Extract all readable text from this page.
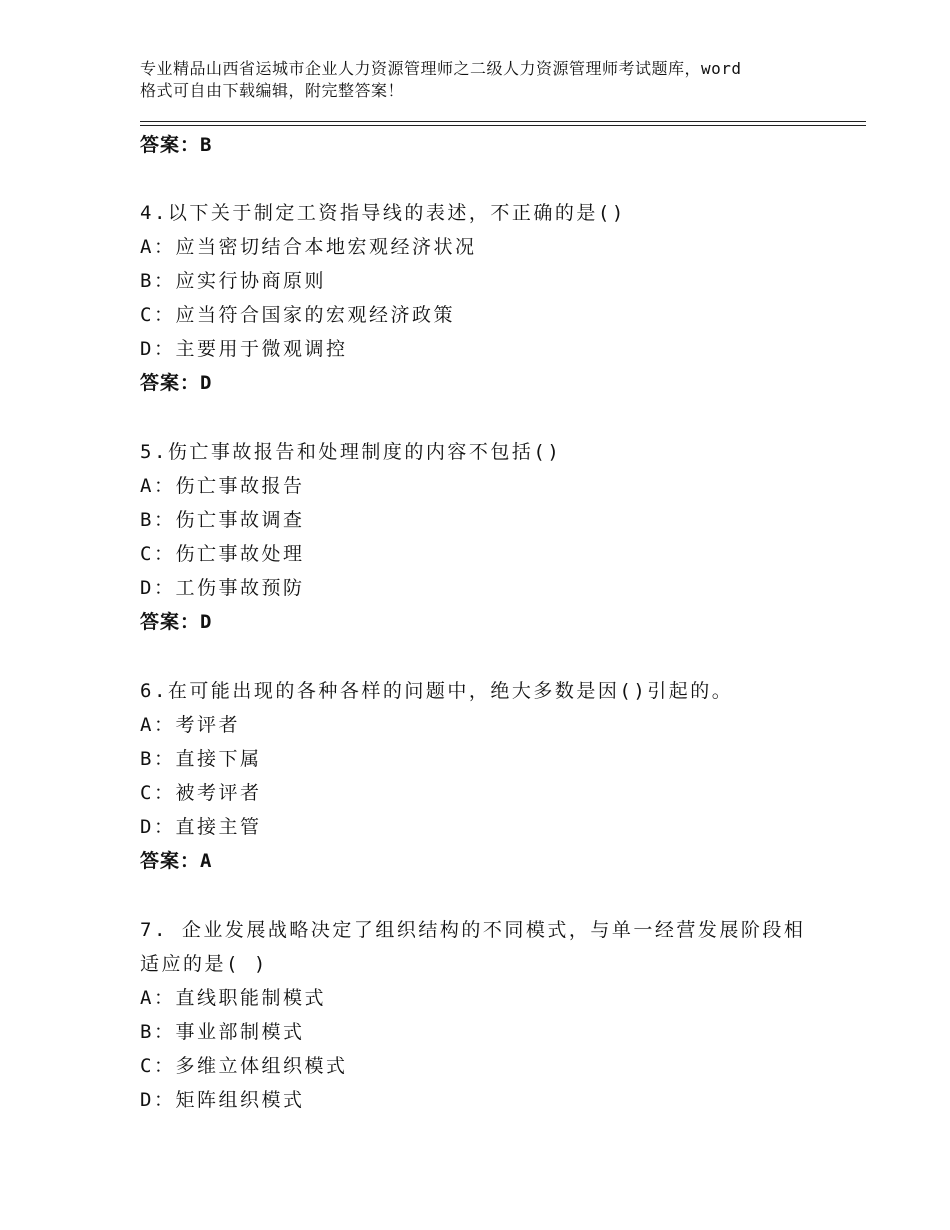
专业精品山西省运城市企业人力资源管理师之二级人力资源管理师考试题库，word
格式可自由下载编辑，附完整答案！
答案：B
4.以下关于制定工资指导线的表述，不正确的是()
A：应当密切结合本地宏观经济状况
B：应实行协商原则
C：应当符合国家的宏观经济政策
D：主要用于微观调控
答案：D
5.伤亡事故报告和处理制度的内容不包括()
A：伤亡事故报告
B：伤亡事故调查
C：伤亡事故处理
D：工伤事故预防
答案：D
6.在可能出现的各种各样的问题中，绝大多数是因()引起的。
A：考评者
B：直接下属
C：被考评者
D：直接主管
答案：A
7. 企业发展战略决定了组织结构的不同模式，与单一经营发展阶段相
适应的是( )
A：直线职能制模式
B：事业部制模式
C：多维立体组织模式
D：矩阵组织模式
